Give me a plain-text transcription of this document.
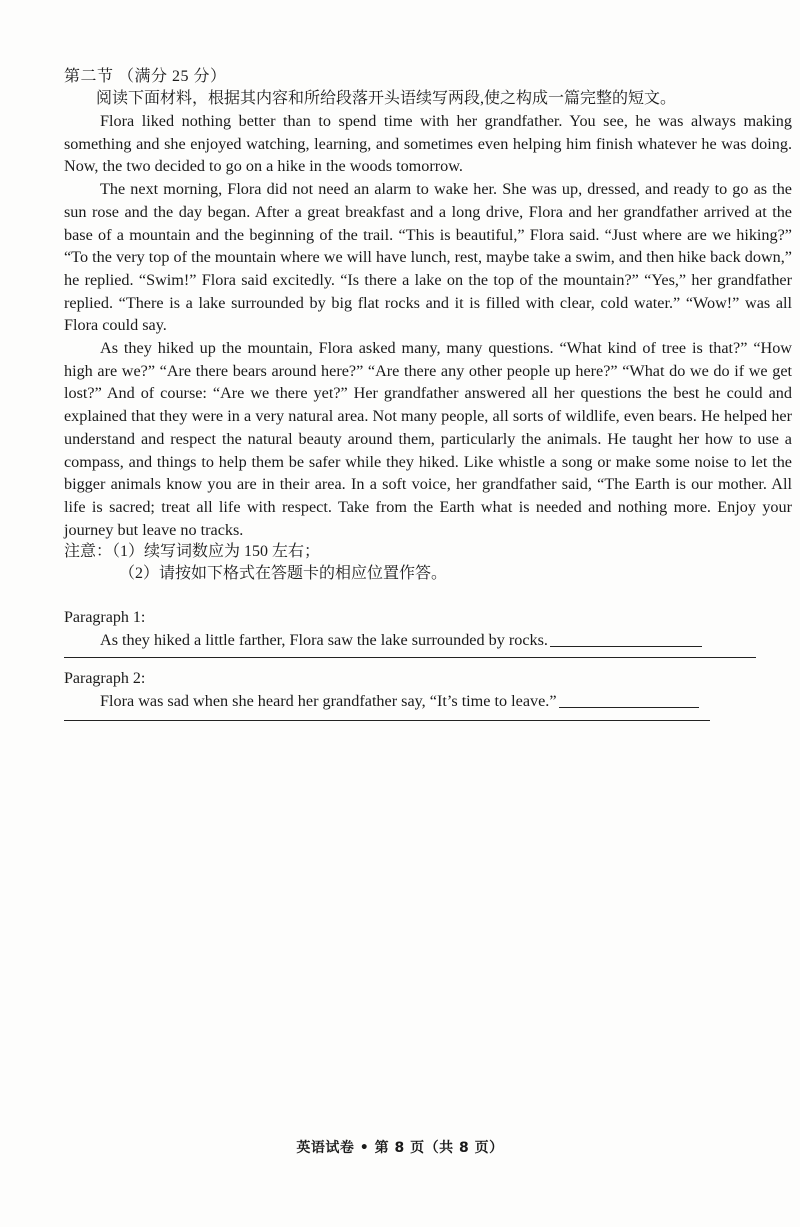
第二节 （满分 25 分）

阅读下面材料，根据其内容和所给段落开头语续写两段,使之构成一篇完整的短文。

Flora liked nothing better than to spend time with her grandfather. You see, he was always making something and she enjoyed watching, learning, and sometimes even helping him finish whatever he was doing. Now, the two decided to go on a hike in the woods tomorrow.

The next morning, Flora did not need an alarm to wake her. She was up, dressed, and ready to go as the sun rose and the day began. After a great breakfast and a long drive, Flora and her grandfather arrived at the base of a mountain and the beginning of the trail. “This is beautiful,” Flora said. “Just where are we hiking?” “To the very top of the mountain where we will have lunch, rest, maybe take a swim, and then hike back down,” he replied. “Swim!” Flora said excitedly. “Is there a lake on the top of the mountain?” “Yes,” her grandfather replied. “There is a lake surrounded by big flat rocks and it is filled with clear, cold water.” “Wow!” was all Flora could say.

As they hiked up the mountain, Flora asked many, many questions. “What kind of tree is that?” “How high are we?” “Are there bears around here?” “Are there any other people up here?” “What do we do if we get lost?” And of course: “Are we there yet?” Her grandfather answered all her questions the best he could and explained that they were in a very natural area. Not many people, all sorts of wildlife, even bears. He helped her understand and respect the natural beauty around them, particularly the animals. He taught her how to use a compass, and things to help them be safer while they hiked. Like whistle a song or make some noise to let the bigger animals know you are in their area. In a soft voice, her grandfather said, “The Earth is our mother. All life is sacred; treat all life with respect. Take from the Earth what is needed and nothing more. Enjoy your journey but leave no tracks.

注意：（1）续写词数应为 150 左右；

（2）请按如下格式在答题卡的相应位置作答。

Paragraph 1:

As they hiked a little farther, Flora saw the lake surrounded by rocks.

Paragraph 2:

Flora was sad when she heard her grandfather say, “It’s time to leave.”
英语试卷 • 第 8 页（共 8 页）
